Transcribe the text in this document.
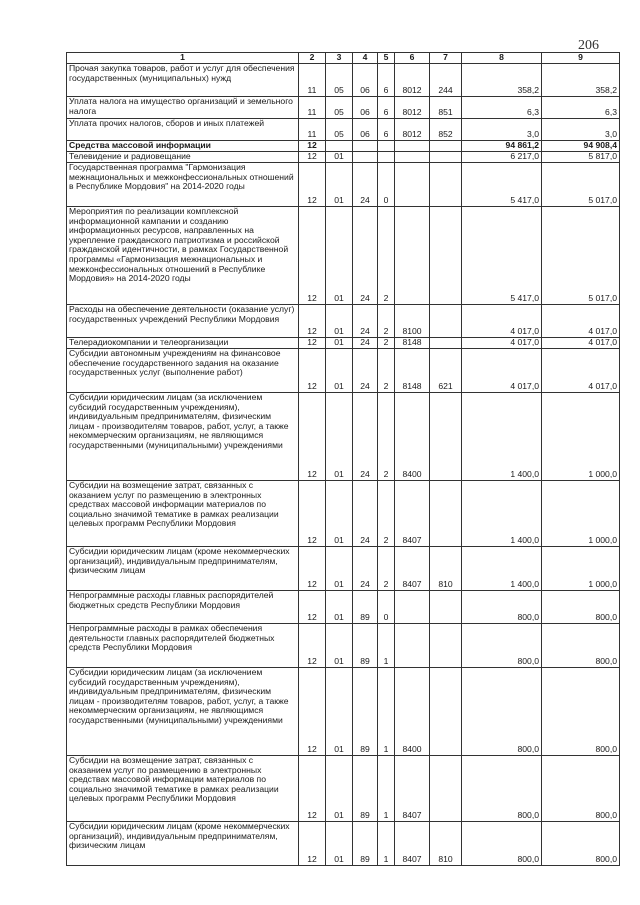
206
1	2	3	4	5	6	7	8	9
Прочая закупка товаров, работ и услуг для обеспечения государственных (муниципальных) нужд	11	05	06	6	8012	244	358,2	358,2
Уплата налога на имущество организаций и земельного налога	11	05	06	6	8012	851	6,3	6,3
Уплата прочих налогов, сборов и иных платежей	11	05	06	6	8012	852	3,0	3,0
Средства массовой информации	12						94 861,2	94 908,4
Телевидение и радиовещание	12	01					6 217,0	5 817,0
Государственная программа "Гармонизация межнациональных и межконфессиональных отношений в Республике Мордовия" на 2014-2020 годы	12	01	24	0			5 417,0	5 017,0
Мероприятия по реализации комплексной информационной кампании и созданию информационных ресурсов, направленных на укрепление гражданского патриотизма и российской гражданской идентичности, в рамках Государственной программы «Гармонизация межнациональных и межконфессиональных отношений в Республике Мордовия» на 2014-2020 годы	12	01	24	2			5 417,0	5 017,0
Расходы на обеспечение деятельности (оказание услуг) государственных учреждений Республики Мордовия	12	01	24	2	8100		4 017,0	4 017,0
Телерадиокомпании и телеорганизации	12	01	24	2	8148		4 017,0	4 017,0
Субсидии автономным учреждениям на финансовое обеспечение государственного задания на оказание государственных услуг (выполнение работ)	12	01	24	2	8148	621	4 017,0	4 017,0
Субсидии юридическим лицам (за исключением субсидий государственным учреждениям), индивидуальным предпринимателям, физическим лицам - производителям товаров, работ, услуг, а также некоммерческим организациям, не являющимся государственными (муниципальными) учреждениями	12	01	24	2	8400		1 400,0	1 000,0
Субсидии на возмещение затрат, связанных с оказанием услуг по размещению в электронных средствах массовой информации материалов по социально значимой тематике в рамках реализации целевых программ Республики Мордовия	12	01	24	2	8407		1 400,0	1 000,0
Субсидии юридическим лицам (кроме некоммерческих организаций), индивидуальным предпринимателям, физическим лицам	12	01	24	2	8407	810	1 400,0	1 000,0
Непрограммные расходы главных распорядителей бюджетных средств Республики Мордовия	12	01	89	0			800,0	800,0
Непрограммные расходы в рамках обеспечения деятельности главных распорядителей бюджетных средств Республики Мордовия	12	01	89	1			800,0	800,0
Субсидии юридическим лицам (за исключением субсидий государственным учреждениям), индивидуальным предпринимателям, физическим лицам - производителям товаров, работ, услуг, а также некоммерческим организациям, не являющимся государственными (муниципальными) учреждениями	12	01	89	1	8400		800,0	800,0
Субсидии на возмещение затрат, связанных с оказанием услуг по размещению в электронных средствах массовой информации материалов по социально значимой тематике в рамках реализации целевых программ Республики Мордовия	12	01	89	1	8407		800,0	800,0
Субсидии юридическим лицам (кроме некоммерческих организаций), индивидуальным предпринимателям, физическим лицам	12	01	89	1	8407	810	800,0	800,0
